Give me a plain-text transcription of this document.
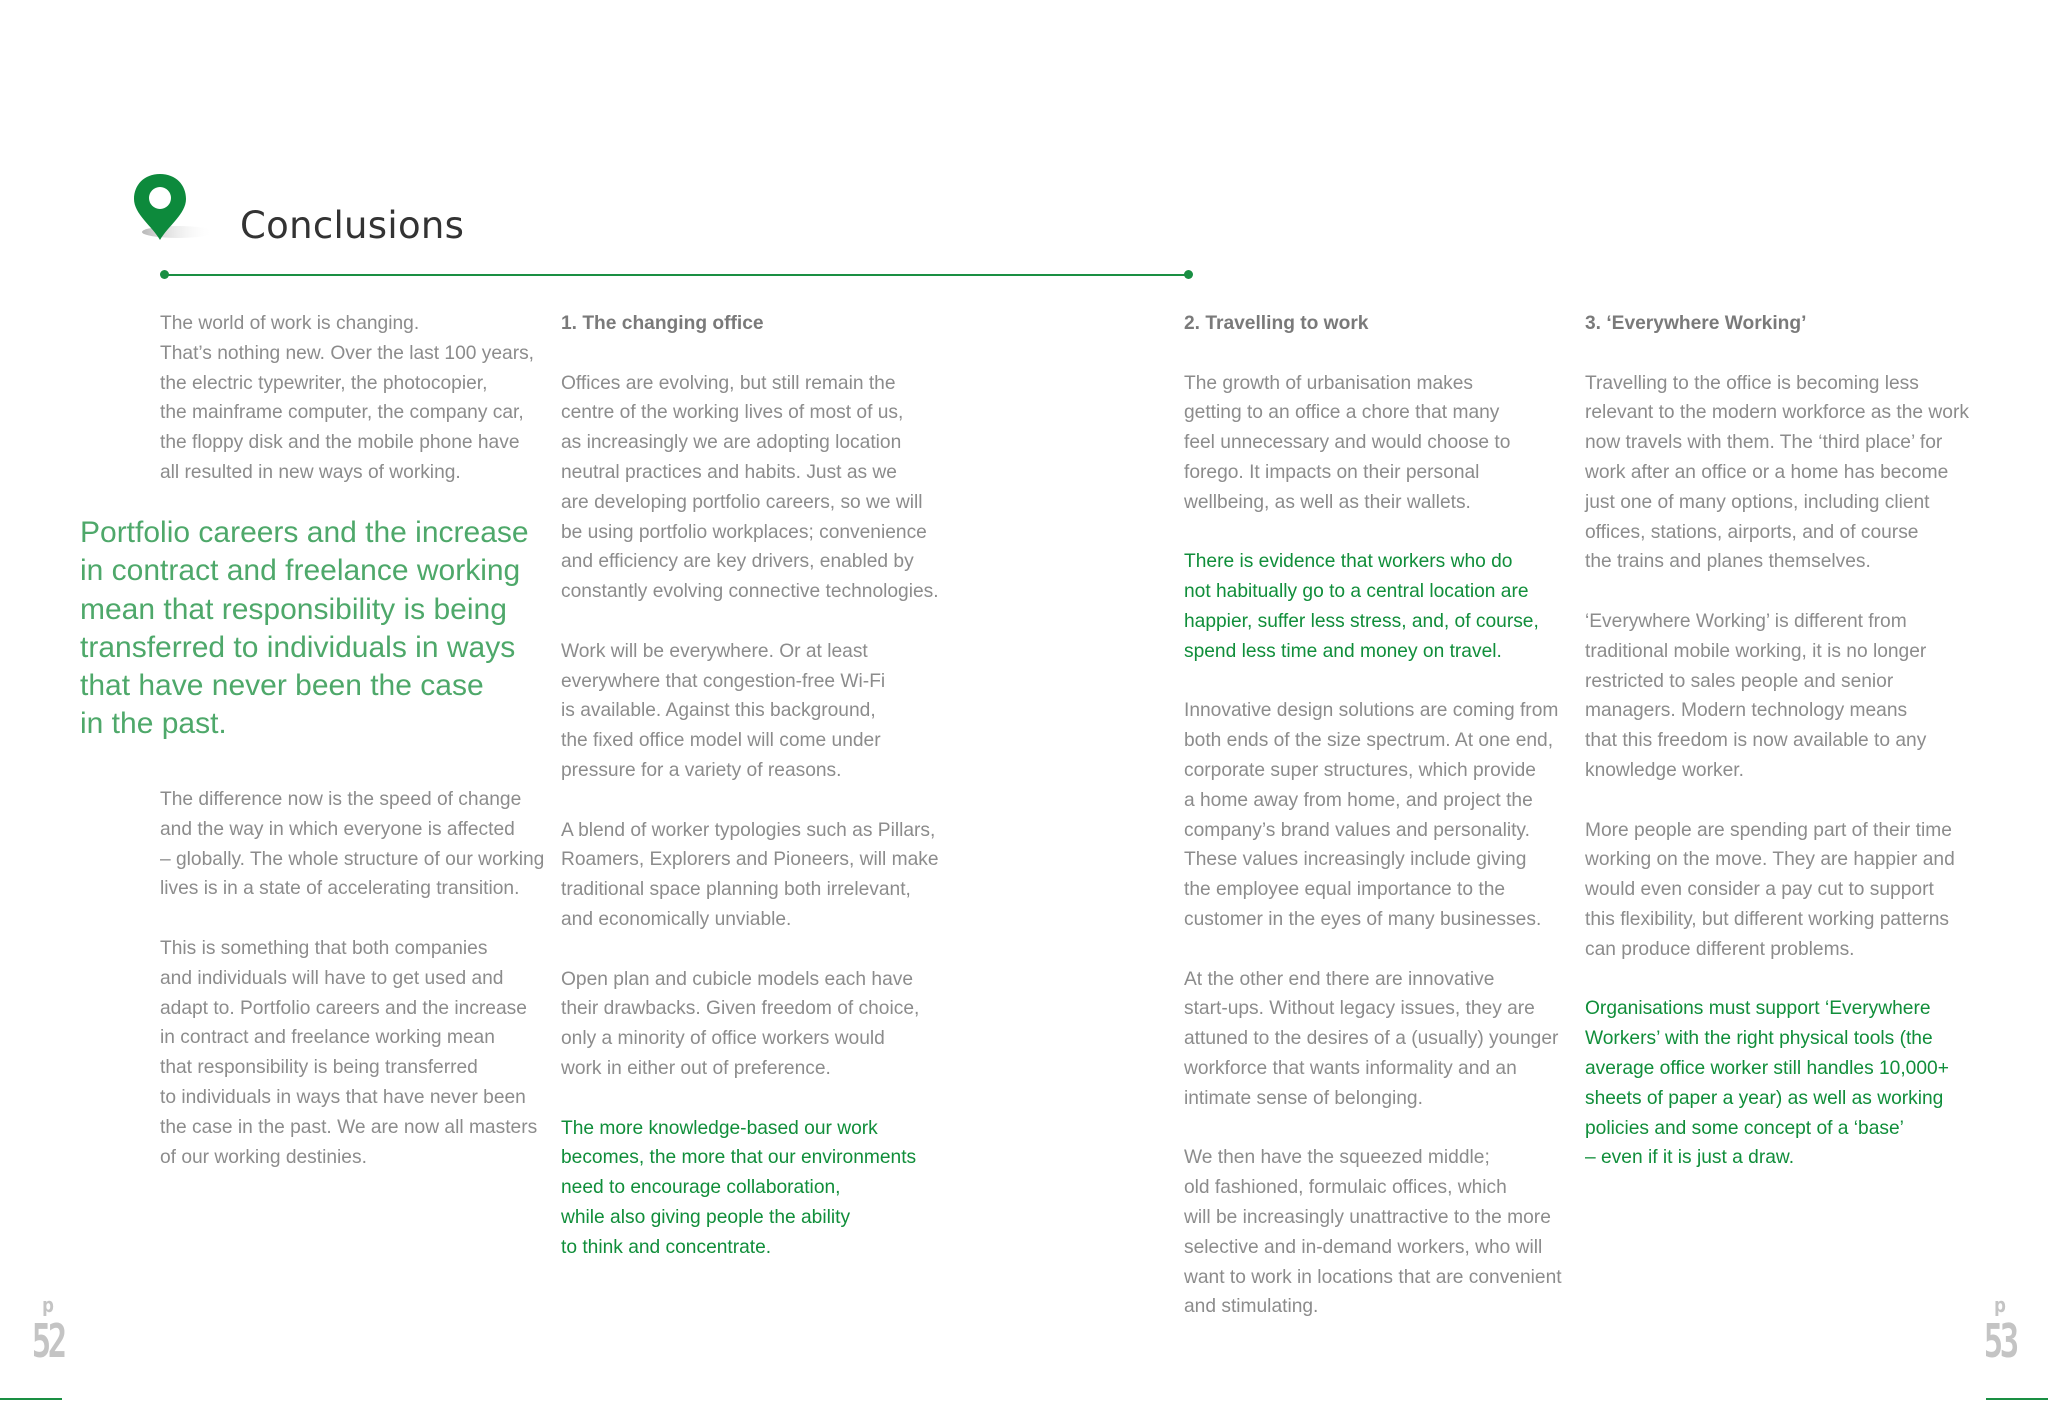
Conclusions

The world of work is changing.
That’s nothing new. Over the last 100 years,
the electric typewriter, the photocopier,
the mainframe computer, the company car,
the floppy disk and the mobile phone have
all resulted in new ways of working.

Portfolio careers and the increase
in contract and freelance working
mean that responsibility is being
transferred to individuals in ways
that have never been the case
in the past.

The difference now is the speed of change
and the way in which everyone is affected
– globally. The whole structure of our working
lives is in a state of accelerating transition.

This is something that both companies
and individuals will have to get used and
adapt to. Portfolio careers and the increase
in contract and freelance working mean
that responsibility is being transferred
to individuals in ways that have never been
the case in the past. We are now all masters
of our working destinies.

1. The changing office

Offices are evolving, but still remain the
centre of the working lives of most of us,
as increasingly we are adopting location
neutral practices and habits. Just as we
are developing portfolio careers, so we will
be using portfolio workplaces; convenience
and efficiency are key drivers, enabled by
constantly evolving connective technologies.

Work will be everywhere. Or at least
everywhere that congestion-free Wi-Fi
is available. Against this background,
the fixed office model will come under
pressure for a variety of reasons.

A blend of worker typologies such as Pillars,
Roamers, Explorers and Pioneers, will make
traditional space planning both irrelevant,
and economically unviable.

Open plan and cubicle models each have
their drawbacks. Given freedom of choice,
only a minority of office workers would
work in either out of preference.

The more knowledge-based our work
becomes, the more that our environments
need to encourage collaboration,
while also giving people the ability
to think and concentrate.

2. Travelling to work

The growth of urbanisation makes
getting to an office a chore that many
feel unnecessary and would choose to
forego. It impacts on their personal
wellbeing, as well as their wallets.

There is evidence that workers who do
not habitually go to a central location are
happier, suffer less stress, and, of course,
spend less time and money on travel.

Innovative design solutions are coming from
both ends of the size spectrum. At one end,
corporate super structures, which provide
a home away from home, and project the
company’s brand values and personality.
These values increasingly include giving
the employee equal importance to the
customer in the eyes of many businesses.

At the other end there are innovative
start-ups. Without legacy issues, they are
attuned to the desires of a (usually) younger
workforce that wants informality and an
intimate sense of belonging.

We then have the squeezed middle;
old fashioned, formulaic offices, which
will be increasingly unattractive to the more
selective and in-demand workers, who will
want to work in locations that are convenient
and stimulating.

3. ‘Everywhere Working’

Travelling to the office is becoming less
relevant to the modern workforce as the work
now travels with them. The ‘third place’ for
work after an office or a home has become
just one of many options, including client
offices, stations, airports, and of course
the trains and planes themselves.

‘Everywhere Working’ is different from
traditional mobile working, it is no longer
restricted to sales people and senior
managers. Modern technology means
that this freedom is now available to any
knowledge worker.

More people are spending part of their time
working on the move. They are happier and
would even consider a pay cut to support
this flexibility, but different working patterns
can produce different problems.

Organisations must support ‘Everywhere
Workers’ with the right physical tools (the
average office worker still handles 10,000+
sheets of paper a year) as well as working
policies and some concept of a ‘base’
– even if it is just a draw.

p
52
p
53
